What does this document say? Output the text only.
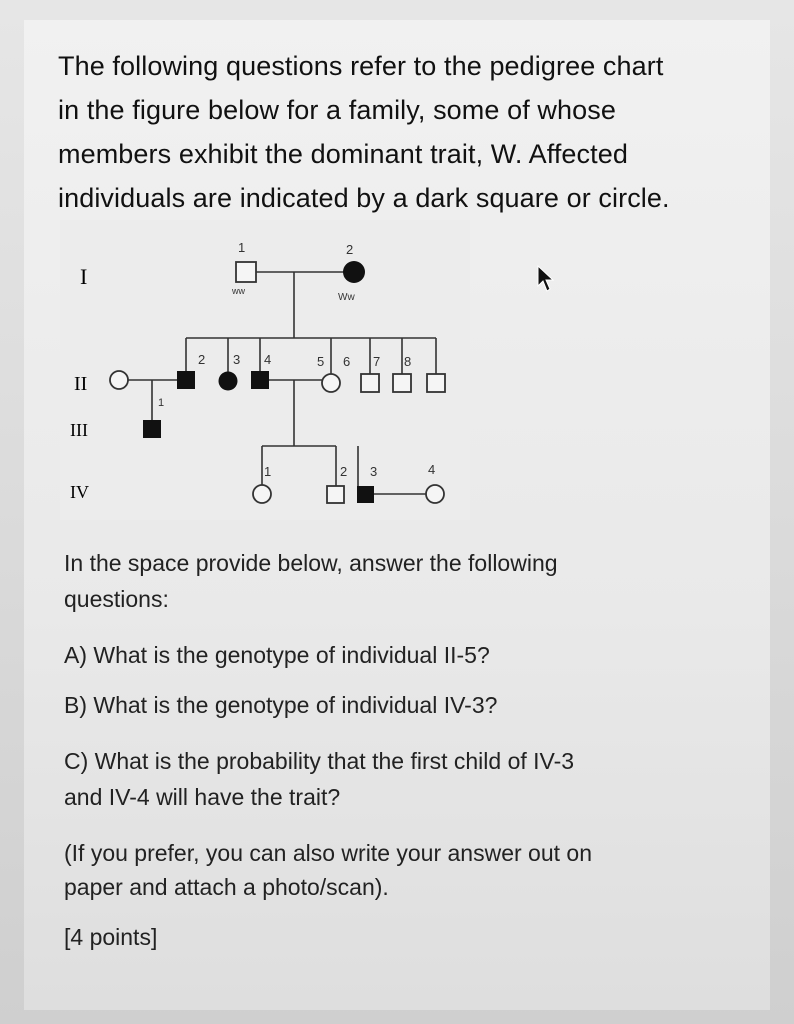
The following questions refer to the pedigree chart
in the figure below for a family, some of whose
members exhibit the dominant trait, W. Affected
individuals are indicated by a dark square or circle.
I
II
III
IV
1	2
ww
Ww
2 3 4	5 6 7 8
1
1	2 3	4
In the space provide below, answer the following
questions:
A) What is the genotype of individual II-5?
B) What is the genotype of individual IV-3?
C) What is the probability that the first child of IV-3
and IV-4 will have the trait?
(If you prefer, you can also write your answer out on
paper and attach a photo/scan).
[4 points]
